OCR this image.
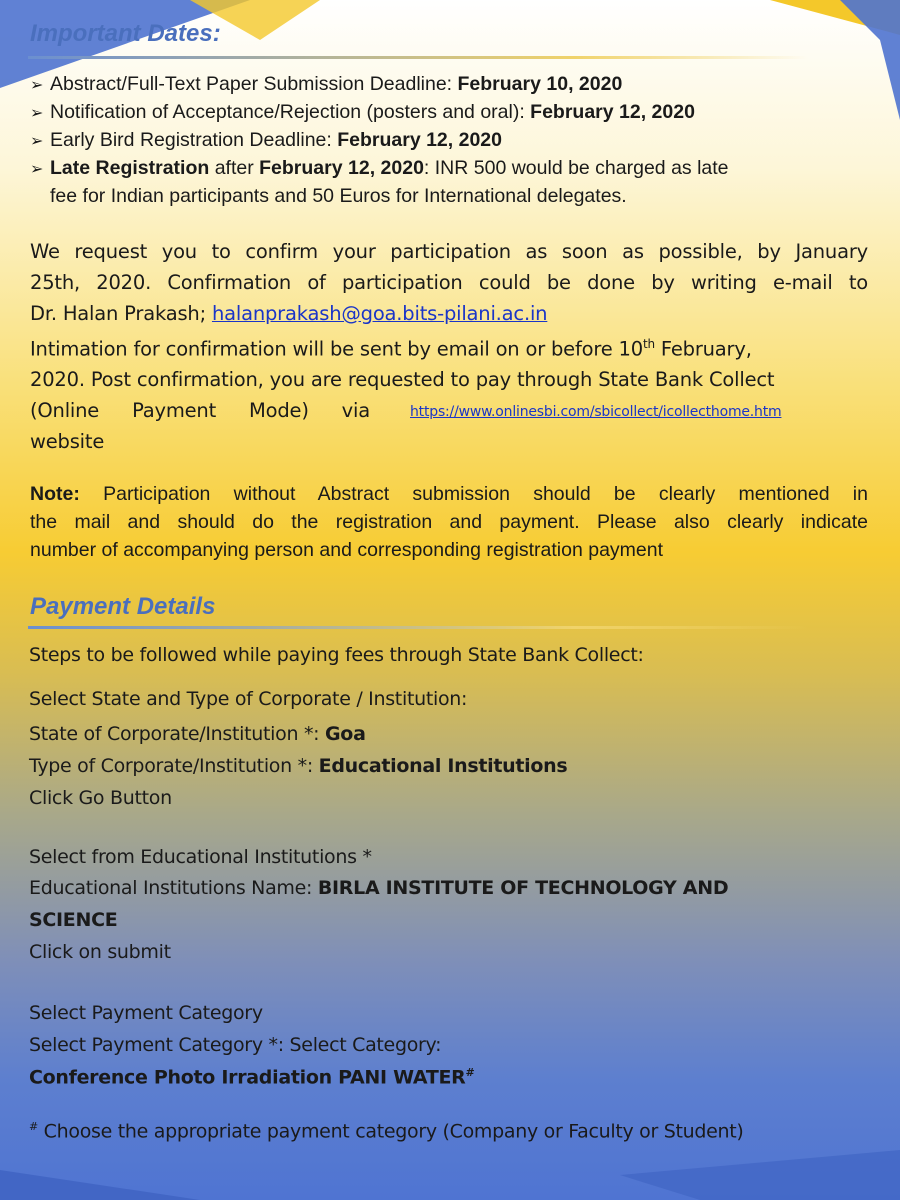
Important Dates:
➢ Abstract/Full-Text Paper Submission Deadline: February 10, 2020
➢ Notification of Acceptance/Rejection (posters and oral): February 12, 2020
➢ Early Bird Registration Deadline: February 12, 2020
➢ Late Registration after February 12, 2020: INR 500 would be charged as late
fee for Indian participants and 50 Euros for International delegates.
We request you to confirm your participation as soon as possible, by January
25th, 2020. Confirmation of participation could be done by writing e-mail to
Dr. Halan Prakash; halanprakash@goa.bits-pilani.ac.in
Intimation for confirmation will be sent by email on or before 10th February,
2020. Post confirmation, you are requested to pay through State Bank Collect
(Online Payment Mode) via	https://www.onlinesbi.com/sbicollect/icollecthome.htm
website
Note: Participation without Abstract submission should be clearly mentioned in
the mail and should do the registration and payment. Please also clearly indicate
number of accompanying person and corresponding registration payment
Payment Details
Steps to be followed while paying fees through State Bank Collect:
Select State and Type of Corporate / Institution:
State of Corporate/Institution *: Goa
Type of Corporate/Institution *: Educational Institutions
Click Go Button
Select from Educational Institutions *
Educational Institutions Name: BIRLA INSTITUTE OF TECHNOLOGY AND
SCIENCE
Click on submit
Select Payment Category
Select Payment Category *: Select Category:
Conference Photo Irradiation PANI WATER#
# Choose the appropriate payment category (Company or Faculty or Student)
